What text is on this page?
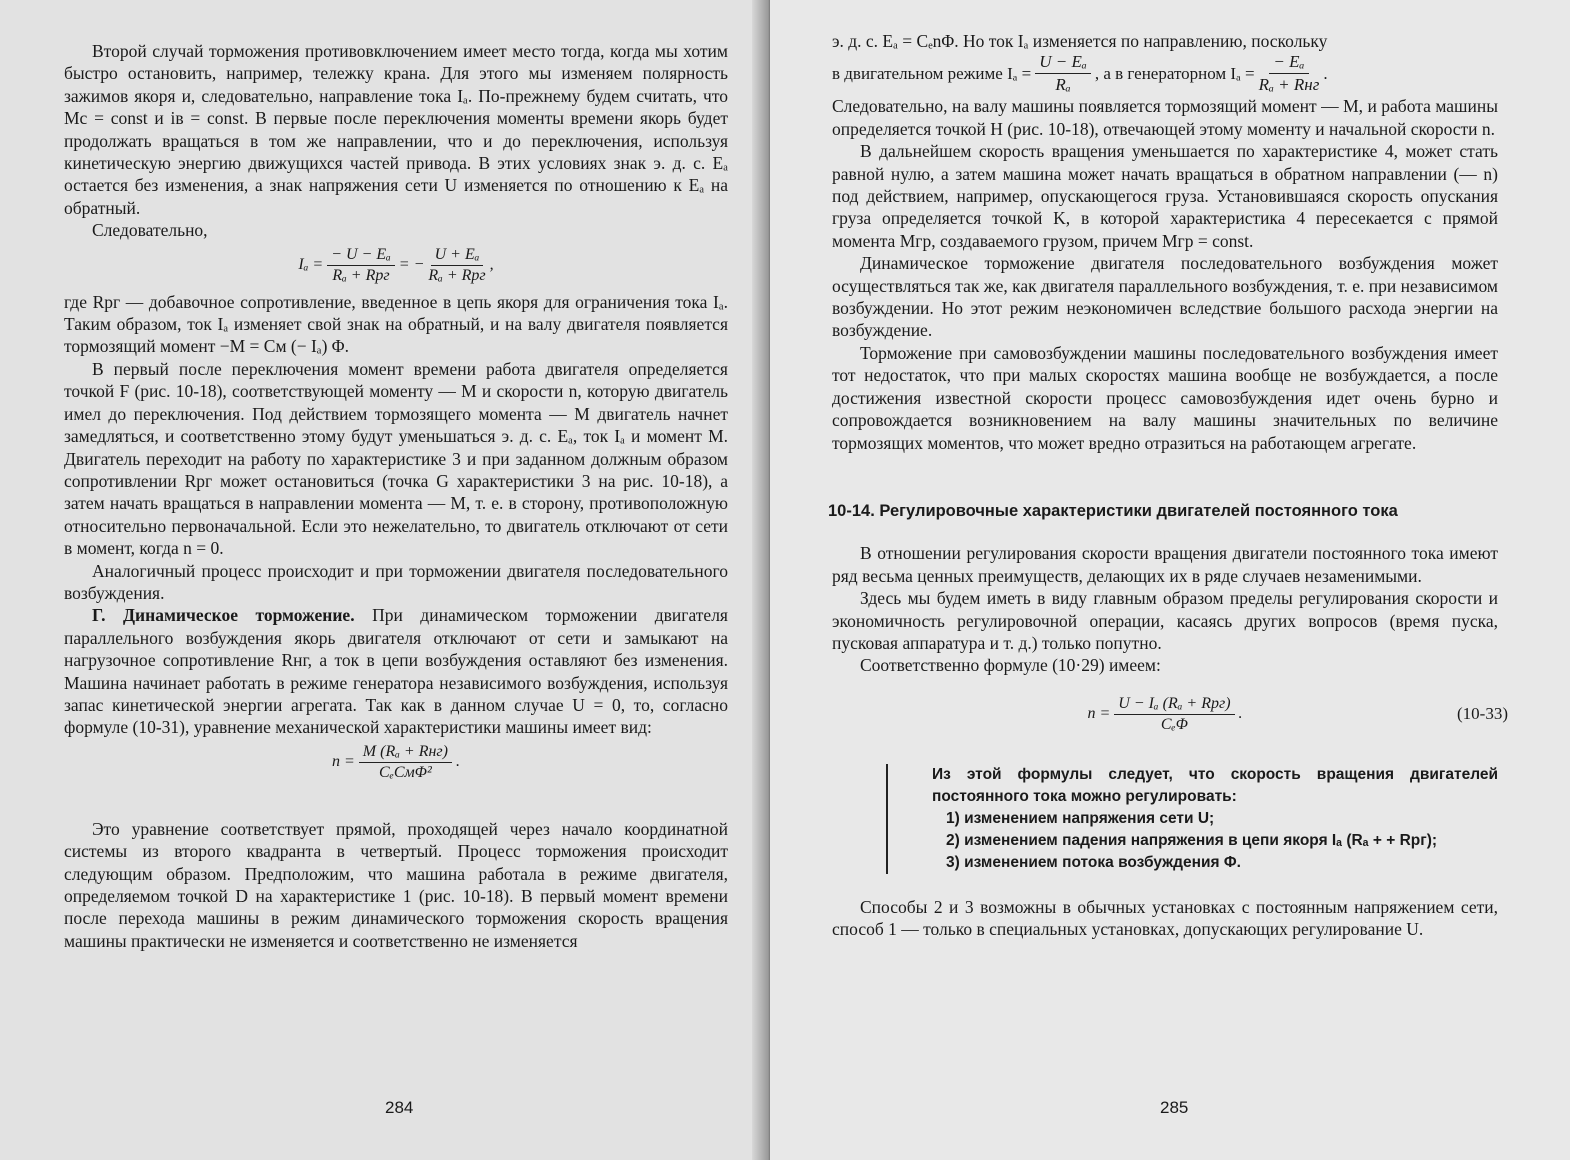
Второй случай торможения противовключением имеет место тогда, когда мы хотим быстро остановить, например, тележку крана. Для этого мы изменяем полярность зажимов якоря и, следовательно, направление тока Iₐ. По-прежнему будем считать, что Mс = const и iв = const. В первые после переключения моменты времени якорь будет продолжать вращаться в том же направлении, что и до переключения, используя кинетическую энергию движущихся частей привода. В этих условиях знак э. д. с. Eₐ остается без изменения, а знак напряжения сети U изменяется по отношению к Eₐ на обратный.

Следовательно,

$I_a = \frac{\text{− U − Eₐ}}{\text{Rₐ + Rрг}}$ = − $\frac{\text{U + Eₐ}}{\text{Rₐ + Rрг}}$ ,

где Rрг — добавочное сопротивление, введенное в цепь якоря для ограничения тока Iₐ. Таким образом, ток Iₐ изменяет свой знак на обратный, и на валу двигателя появляется тормозящий момент −M = Cм (− Iₐ) Φ.

В первый после переключения момент времени работа двигателя определяется точкой F (рис. 10-18), соответствующей моменту — M и скорости n, которую двигатель имел до переключения. Под действием тормозящего момента — M двигатель начнет замедляться, и соответственно этому будут уменьшаться э. д. с. Eₐ, ток Iₐ и момент M. Двигатель переходит на работу по характеристике 3 и при заданном должным образом сопротивлении Rрг может остановиться (точка G характеристики 3 на рис. 10-18), а затем начать вращаться в направлении момента — M, т. е. в сторону, противоположную относительно первоначальной. Если это нежелательно, то двигатель отключают от сети в момент, когда n = 0.

Аналогичный процесс происходит и при торможении двигателя последовательного возбуждения.

Г. Динамическое торможение. При динамическом торможении двигателя параллельного возбуждения якорь двигателя отключают от сети и замыкают на нагрузочное сопротивление Rнг, а ток в цепи возбуждения оставляют без изменения. Машина начинает работать в режиме генератора независимого возбуждения, используя запас кинетической энергии агрегата. Так как в данном случае U = 0, то, согласно формуле (10-31), уравнение механической характеристики машины имеет вид:

$n = \frac{\text{M (Rₐ + Rнг)}}{\text{CₑCмΦ²}}$ .

Это уравнение соответствует прямой, проходящей через начало координатной системы из второго квадранта в четвертый. Процесс торможения происходит следующим образом. Предположим, что машина работала в режиме двигателя, определяемом точкой D на характеристике 1 (рис. 10-18). В первый момент времени после перехода машины в режим динамического торможения скорость вращения машины практически не изменяется и соответственно не изменяется

284

э. д. с. Eₐ = CₑnΦ. Но ток Iₐ изменяется по направлению, поскольку

в двигательном режиме $I_a = \frac{\text{U − Eₐ}}{\text{Rₐ}}$ , а в генераторном $I_a = \frac{\text{− Eₐ}}{\text{Rₐ + Rнг}}$ .

Следовательно, на валу машины появляется тормозящий момент — M, и работа машины определяется точкой H (рис. 10-18), отвечающей этому моменту и начальной скорости n.

В дальнейшем скорость вращения уменьшается по характеристике 4, может стать равной нулю, а затем машина может начать вращаться в обратном направлении (— n) под действием, например, опускающегося груза. Установившаяся скорость опускания груза определяется точкой K, в которой характеристика 4 пересекается с прямой момента Mгр, создаваемого грузом, причем Mгр = const.

Динамическое торможение двигателя последовательного возбуждения может осуществляться так же, как двигателя параллельного возбуждения, т. е. при независимом возбуждении. Но этот режим неэкономичен вследствие большого расхода энергии на возбуждение.

Торможение при самовозбуждении машины последовательного возбуждения имеет тот недостаток, что при малых скоростях машина вообще не возбуждается, а после достижения известной скорости процесс самовозбуждения идет очень бурно и сопровождается возникновением на валу машины значительных по величине тормозящих моментов, что может вредно отразиться на работающем агрегате.

10-14. Регулировочные характеристики двигателей постоянного тока

В отношении регулирования скорости вращения двигатели постоянного тока имеют ряд весьма ценных преимуществ, делающих их в ряде случаев незаменимыми.

Здесь мы будем иметь в виду главным образом пределы регулирования скорости и экономичность регулировочной операции, касаясь других вопросов (время пуска, пусковая аппаратура и т. д.) только попутно.

Соответственно формуле (10·29) имеем:

$n = \frac{\text{U − Iₐ (Rₐ + Rрг)}}{\text{CₑΦ}}$ .	(10-33)
Из этой формулы следует, что скорость вращения двигателей постоянного тока можно регулировать:
1) изменением напряжения сети U;
2) изменением падения напряжения в цепи якоря Iₐ (Rₐ + + Rрг);
3) изменением потока возбуждения Φ.

Способы 2 и 3 возможны в обычных установках с постоянным напряжением сети, способ 1 — только в специальных установках, допускающих регулирование U.

285
